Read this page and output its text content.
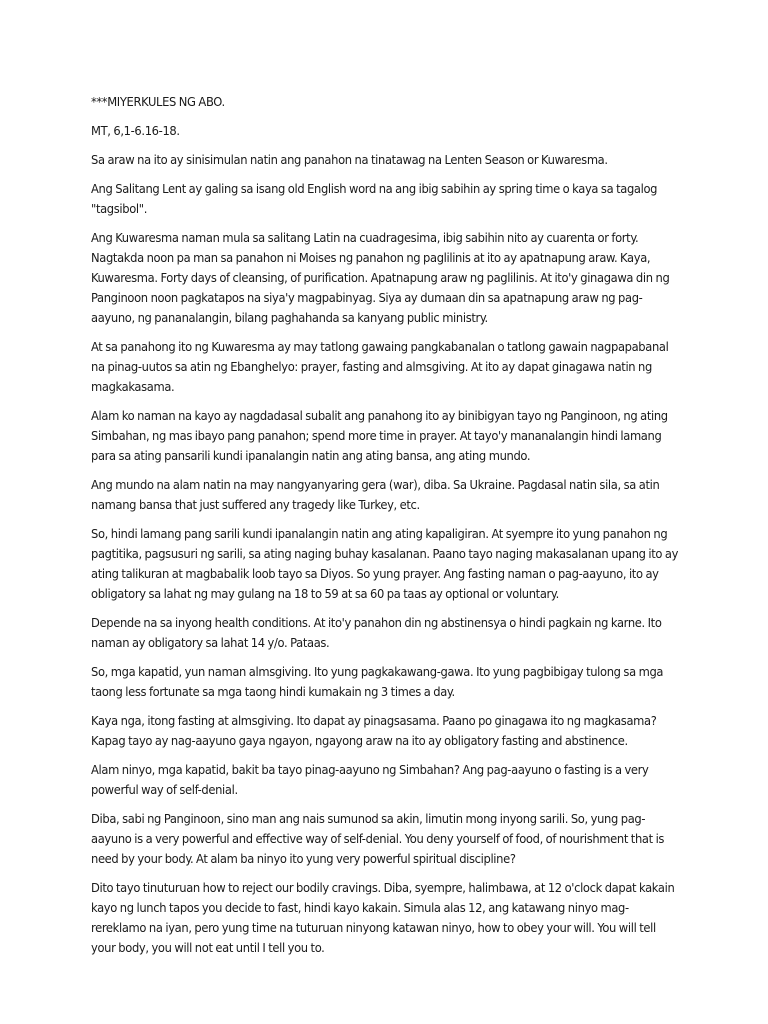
***MIYERKULES NG ABO.

MT, 6,1-6.16-18.

Sa araw na ito ay sinisimulan natin ang panahon na tinatawag na Lenten Season or Kuwaresma.

Ang Salitang Lent ay galing sa isang old English word na ang ibig sabihin ay spring time o kaya sa tagalog "tagsibol".

Ang Kuwaresma naman mula sa salitang Latin na cuadragesima, ibig sabihin nito ay cuarenta or forty. Nagtakda noon pa man sa panahon ni Moises ng panahon ng paglilinis at ito ay apatnapung araw. Kaya, Kuwaresma. Forty days of cleansing, of purification. Apatnapung araw ng paglilinis. At ito'y ginagawa din ng Panginoon noon pagkatapos na siya'y magpabinyag. Siya ay dumaan din sa apatnapung araw ng pag-aayuno, ng pananalangin, bilang paghahanda sa kanyang public ministry.

At sa panahong ito ng Kuwaresma ay may tatlong gawaing pangkabanalan o tatlong gawain nagpapabanal na pinag-uutos sa atin ng Ebanghelyo: prayer, fasting and almsgiving. At ito ay dapat ginagawa natin ng magkakasama.

Alam ko naman na kayo ay nagdadasal subalit ang panahong ito ay binibigyan tayo ng Panginoon, ng ating Simbahan, ng mas ibayo pang panahon; spend more time in prayer. At tayo'y mananalangin hindi lamang para sa ating pansarili kundi ipanalangin natin ang ating bansa, ang ating mundo.

Ang mundo na alam natin na may nangyanyaring gera (war), diba. Sa Ukraine. Pagdasal natin sila, sa atin namang bansa that just suffered any tragedy like Turkey, etc.

So, hindi lamang pang sarili kundi ipanalangin natin ang ating kapaligiran. At syempre ito yung panahon ng pagtitika, pagsusuri ng sarili, sa ating naging buhay kasalanan. Paano tayo naging makasalanan upang ito ay ating talikuran at magbabalik loob tayo sa Diyos. So yung prayer. Ang fasting naman o pag-aayuno, ito ay obligatory sa lahat ng may gulang na 18 to 59 at sa 60 pa taas ay optional or voluntary.

Depende na sa inyong health conditions. At ito'y panahon din ng abstinensya o hindi pagkain ng karne. Ito naman ay obligatory sa lahat 14 y/o. Pataas.

So, mga kapatid, yun naman almsgiving. Ito yung pagkakawang-gawa. Ito yung pagbibigay tulong sa mga taong less fortunate sa mga taong hindi kumakain ng 3 times a day.

Kaya nga, itong fasting at almsgiving. Ito dapat ay pinagsasama. Paano po ginagawa ito ng magkasama? Kapag tayo ay nag-aayuno gaya ngayon, ngayong araw na ito ay obligatory fasting and abstinence.

Alam ninyo, mga kapatid, bakit ba tayo pinag-aayuno ng Simbahan? Ang pag-aayuno o fasting is a very powerful way of self-denial.

Diba, sabi ng Panginoon, sino man ang nais sumunod sa akin, limutin mong inyong sarili. So, yung pag-aayuno is a very powerful and effective way of self-denial. You deny yourself of food, of nourishment that is need by your body. At alam ba ninyo ito yung very powerful spiritual discipline?

Dito tayo tinuturuan how to reject our bodily cravings. Diba, syempre, halimbawa, at 12 o'clock dapat kakain kayo ng lunch tapos you decide to fast, hindi kayo kakain. Simula alas 12, ang katawang ninyo mag-rereklamo na iyan, pero yung time na tuturuan ninyong katawan ninyo, how to obey your will. You will tell your body, you will not eat until I tell you to.
